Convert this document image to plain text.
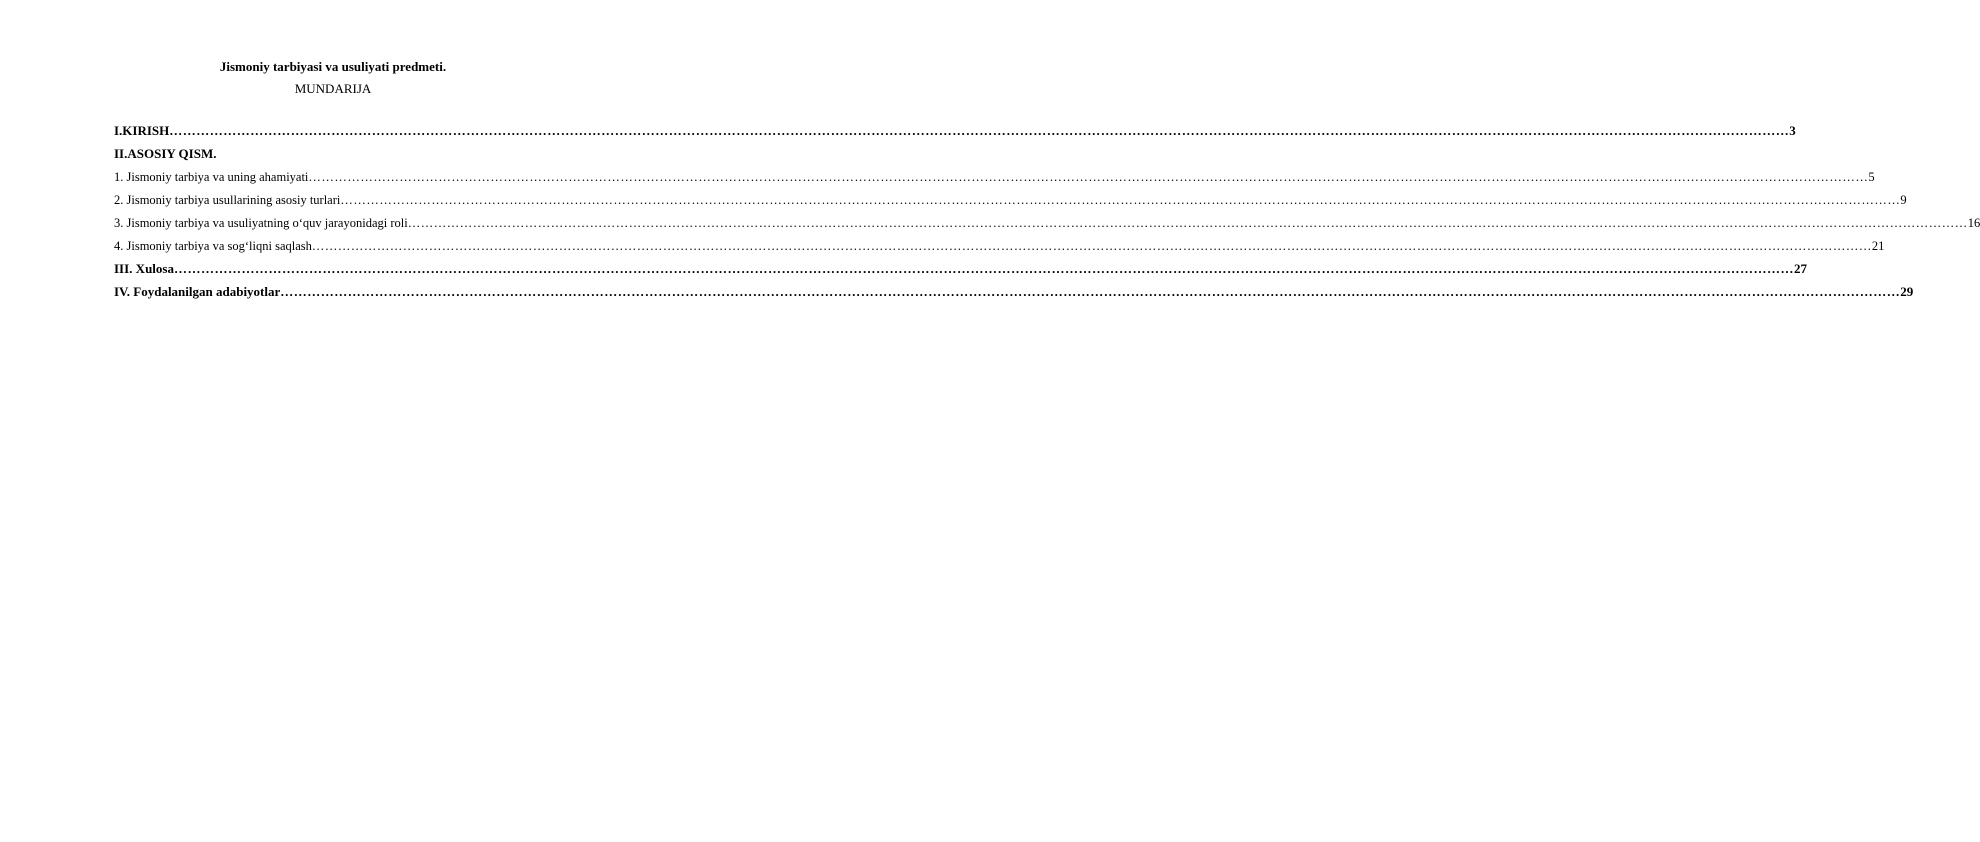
Jismoniy tarbiyasi va usuliyati predmeti.
MUNDARIJA
I.KIRISH ……………………………………………………………………………………………………………………………………………………………………………………………………………………………………………………………………………………………………………………………… 3
II.ASOSIY QISM.
1. Jismoniy tarbiya va uning ahamiyati ……………………………………………………………………………………………………………………………………………………………………………………………………………………………………………………………………………………………………………………………… 5
2. Jismoniy tarbiya usullarining asosiy turlari ……………………………………………………………………………………………………………………………………………………………………………………………………………………………………………………………………………………………………………………………… 9
3. Jismoniy tarbiya va usuliyatning o‘quv jarayonidagi roli ……………………………………………………………………………………………………………………………………………………………………………………………………………………………………………………………………………………………………………………………… 16
4. Jismoniy tarbiya va sog‘liqni saqlash ……………………………………………………………………………………………………………………………………………………………………………………………………………………………………………………………………………………………………………………………… 21
III. Xulosa ……………………………………………………………………………………………………………………………………………………………………………………………………………………………………………………………………………………………………………………………… 27
IV. Foydalanilgan adabiyotlar ……………………………………………………………………………………………………………………………………………………………………………………………………………………………………………………………………………………………………………………………… 29
